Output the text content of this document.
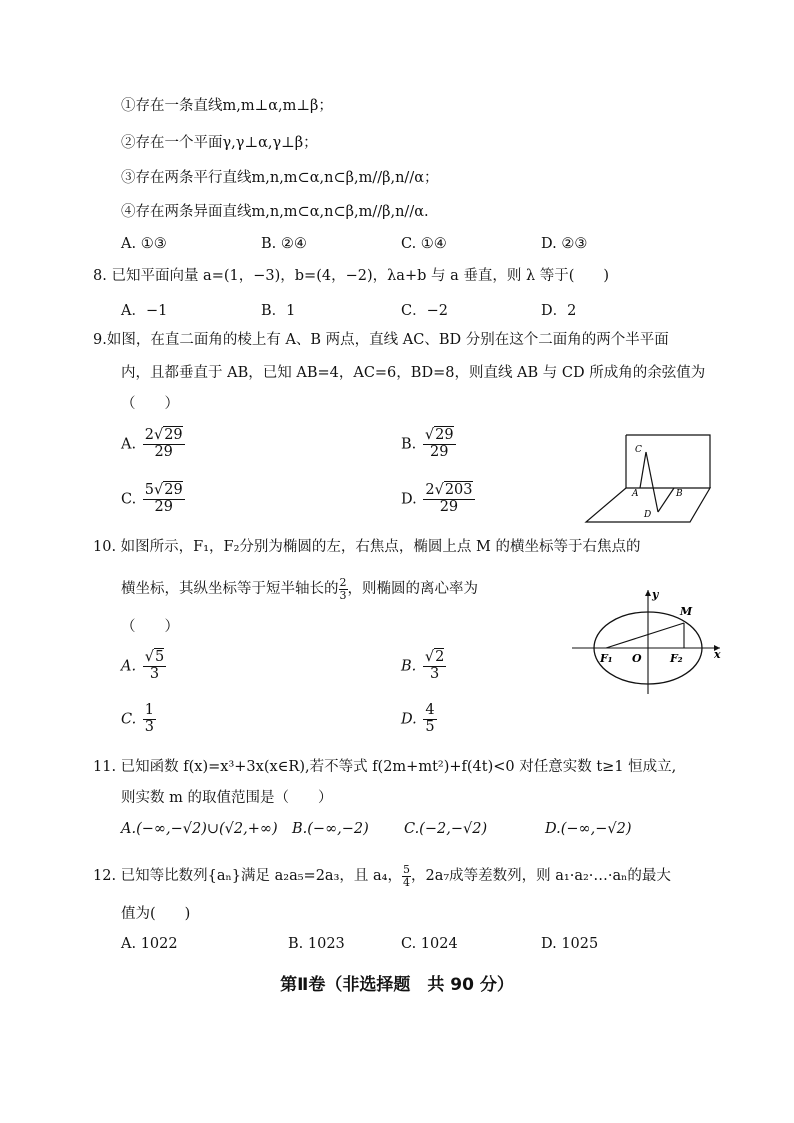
①存在一条直线m,m⊥α,m⊥β；
②存在一个平面γ,γ⊥α,γ⊥β；
③存在两条平行直线m,n,m⊂α,n⊂β,m//β,n//α；
④存在两条异面直线m,n,m⊂α,n⊂β,m//β,n//α.
A. ①③	B. ②④	C. ①④	D. ②③
8. 已知平面向量 a=(1，−3)，b=(4，−2)，λa+b 与 a 垂直，则 λ 等于(　　)
A．−1	B．1	C．−2	D．2
9.如图，在直二面角的棱上有 A、B 两点，直线 AC、BD 分别在这个二面角的两个半平面
内，且都垂直于 AB，已知 AB=4，AC=6，BD=8，则直线 AB 与 CD 所成角的余弦值为
（　　）
A. $\frac{2√29}{29}$	B. $\frac{√29}{29}$
C. $\frac{5√29}{29}$	D. $\frac{2√203}{29}$
C
A	B
D
10. 如图所示，F₁，F₂分别为椭圆的左，右焦点，椭圆上点 M 的横坐标等于右焦点的
横坐标，其纵坐标等于短半轴长的 $\frac{2}{3}$ ，则椭圆的离心率为
（　　）
A. $\frac{√5}{3}$	B. $\frac{√2}{3}$
C. $\frac{1}{3}$	D. $\frac{4}{5}$
y
M
F₁ O	F₂	x
11. 已知函数 f(x)=x³+3x(x∈R),若不等式 f(2m+mt²)+f(4t)<0 对任意实数 t≥1 恒成立,
则实数 m 的取值范围是（　　）
A.(−∞,−√2)∪(√2,+∞) B.(−∞,−2) C.(−2,−√2)	D.(−∞,−√2)
12. 已知等比数列{aₙ}满足 a₂a₅=2a₃，且 a₄， $\frac{5}{4}$ ，2a₇成等差数列，则 a₁·a₂·…·aₙ的最大
值为(　　)
A. 1022	B. 1023	C. 1024	D. 1025
第Ⅱ卷（非选择题　共 90 分）
